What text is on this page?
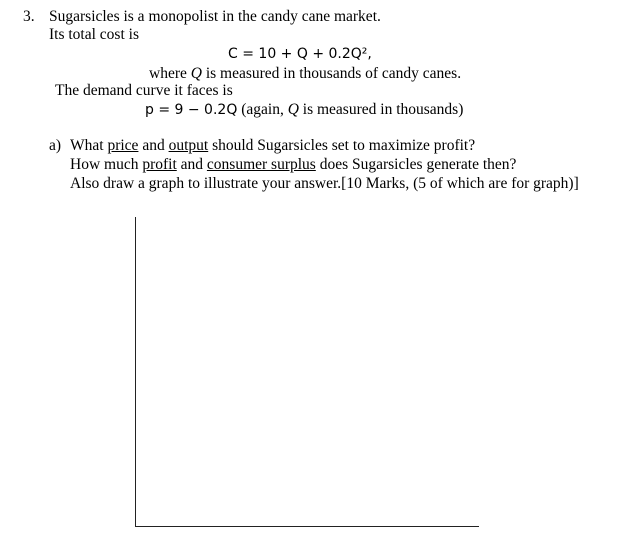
3. Sugarsicles is a monopolist in the candy cane market.
Its total cost is
C = 10 + Q + 0.2Q²,
where Q is measured in thousands of candy canes.
The demand curve it faces is
p = 9 − 0.2Q (again, Q is measured in thousands)
a) What price and output should Sugarsicles set to maximize profit?
How much profit and consumer surplus does Sugarsicles generate then?
Also draw a graph to illustrate your answer.[10 Marks, (5 of which are for graph)]
